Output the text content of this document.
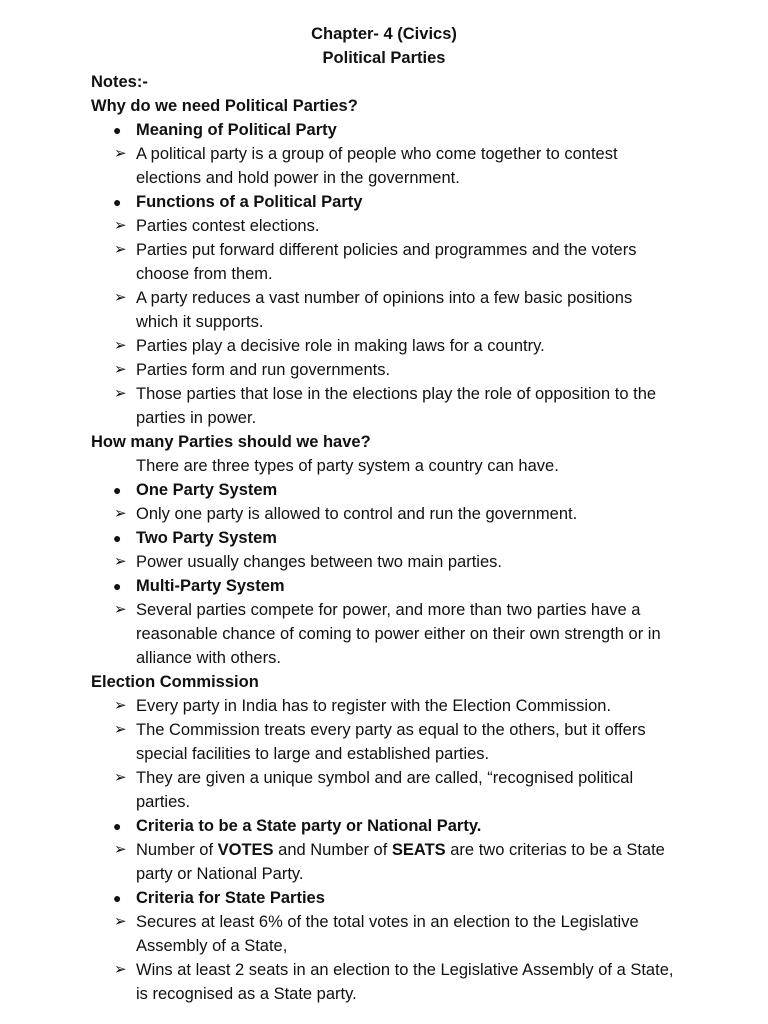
Chapter- 4 (Civics)
Political Parties
Notes:-
Why do we need Political Parties?
● Meaning of Political Party
➢ A political party is a group of people who come together to contest elections and hold power in the government.
● Functions of a Political Party
➢ Parties contest elections.
➢ Parties put forward different policies and programmes and the voters choose from them.
➢ A party reduces a vast number of opinions into a few basic positions which it supports.
➢ Parties play a decisive role in making laws for a country.
➢ Parties form and run governments.
➢ Those parties that lose in the elections play the role of opposition to the parties in power.
How many Parties should we have?
There are three types of party system a country can have.
● One Party System
➢ Only one party is allowed to control and run the government.
● Two Party System
➢ Power usually changes between two main parties.
● Multi-Party System
➢ Several parties compete for power, and more than two parties have a reasonable chance of coming to power either on their own strength or in alliance with others.
Election Commission
➢ Every party in India has to register with the Election Commission.
➢ The Commission treats every party as equal to the others, but it offers special facilities to large and established parties.
➢ They are given a unique symbol and are called, “recognised political parties.
● Criteria to be a State party or National Party.
➢ Number of VOTES and Number of SEATS are two criterias to be a State party or National Party.
● Criteria for State Parties
➢ Secures at least 6% of the total votes in an election to the Legislative Assembly of a State,
➢ Wins at least 2 seats in an election to the Legislative Assembly of a State, is recognised as a State party.
